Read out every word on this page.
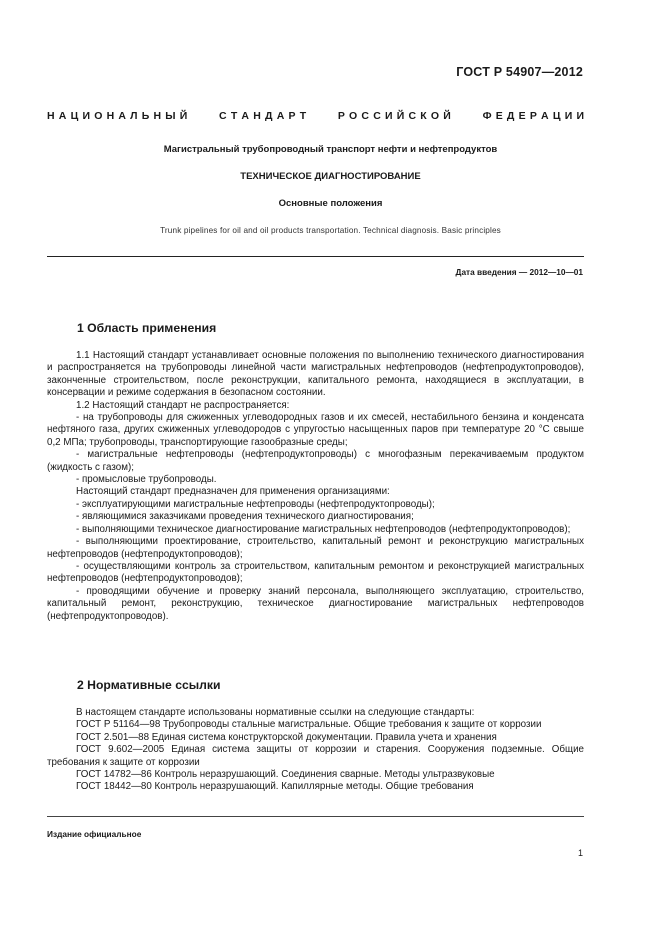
ГОСТ Р 54907—2012
Н  А  Ц  И  О  Н  А  Л  Ь  Н  Ы  Й	С  Т  А  Н  Д  А  Р  Т	Р  О  С  С  И  Й  С  К  О  Й	Ф  Е  Д  Е  Р  А  Ц  И  И
Магистральный трубопроводный транспорт нефти и нефтепродуктов
ТЕХНИЧЕСКОЕ ДИАГНОСТИРОВАНИЕ
Основные положения
Trunk pipelines for oil and oil products transportation. Technical diagnosis. Basic principles
Дата введения — 2012—10—01
1 Область применения

1.1 Настоящий стандарт устанавливает основные положения по выполнению технического диагностирования и распространяется на трубопроводы линейной части магистральных нефтепроводов (нефтепродуктопроводов), законченные строительством, после реконструкции, капитального ремонта, находящиеся в эксплуатации, в консервации и режиме содержания в безопасном состоянии.

1.2 Настоящий стандарт не распространяется:

- на трубопроводы для сжиженных углеводородных газов и их смесей, нестабильного бензина и конденсата нефтяного газа, других сжиженных углеводородов с упругостью насыщенных паров при температуре 20 °С свыше 0,2 МПа; трубопроводы, транспортирующие газообразные среды;

- магистральные нефтепроводы (нефтепродуктопроводы) с многофазным перекачиваемым продуктом (жидкость с газом);

- промысловые трубопроводы.

Настоящий стандарт предназначен для применения организациями:

- эксплуатирующими магистральные нефтепроводы (нефтепродуктопроводы);

- являющимися заказчиками проведения технического диагностирования;

- выполняющими техническое диагностирование магистральных нефтепроводов (нефтепродуктопроводов);

- выполняющими проектирование, строительство, капитальный ремонт и реконструкцию магистральных нефтепроводов (нефтепродуктопроводов);

- осуществляющими контроль за строительством, капитальным ремонтом и реконструкцией магистральных нефтепроводов (нефтепродуктопроводов);

- проводящими обучение и проверку знаний персонала, выполняющего эксплуатацию, строительство, капитальный ремонт, реконструкцию, техническое диагностирование магистральных нефтепроводов (нефтепродуктопроводов).

2 Нормативные ссылки

В настоящем стандарте использованы нормативные ссылки на следующие стандарты:

ГОСТ Р 51164—98 Трубопроводы стальные магистральные. Общие требования к защите от коррозии

ГОСТ 2.501—88 Единая система конструкторской документации. Правила учета и хранения

ГОСТ 9.602—2005 Единая система защиты от коррозии и старения. Сооружения подземные. Общие требования к защите от коррозии

ГОСТ 14782—86 Контроль неразрушающий. Соединения сварные. Методы ультразвуковые

ГОСТ 18442—80 Контроль неразрушающий. Капиллярные методы. Общие требования

Издание официальное
1
